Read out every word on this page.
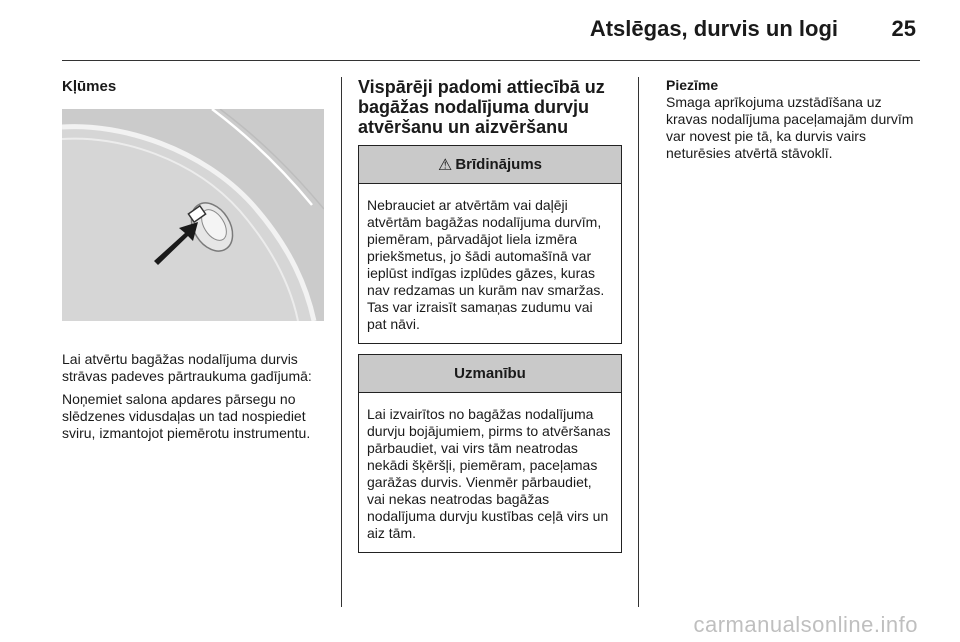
Atslēgas, durvis un logi 25
Kļūmes

Lai atvērtu bagāžas nodalījuma durvis strāvas padeves pārtraukuma gadījumā:

Noņemiet salona apdares pārsegu no slēdzenes vidusdaļas un tad nospiediet sviru, izmantojot piemērotu instrumentu.

Vispārēji padomi attiecībā uz bagāžas nodalījuma durvju atvēršanu un aizvēršanu
⚠ Brīdinājums
Nebrauciet ar atvērtām vai daļēji atvērtām bagāžas nodalījuma durvīm, piemēram, pārvadājot liela izmēra priekšmetus, jo šādi automašīnā var ieplūst indīgas izplūdes gāzes, kuras nav redzamas un kurām nav smaržas. Tas var izraisīt samaņas zudumu vai pat nāvi.
Uzmanību
Lai izvairītos no bagāžas nodalījuma durvju bojājumiem, pirms to atvēršanas pārbaudiet, vai virs tām neatrodas nekādi šķēršļi, piemēram, paceļamas garāžas durvis. Vienmēr pārbaudiet, vai nekas neatrodas bagāžas nodalījuma durvju kustības ceļā virs un aiz tām.
Piezīme

Smaga aprīkojuma uzstādīšana uz kravas nodalījuma paceļamajām durvīm var novest pie tā, ka durvis vairs neturēsies atvērtā stāvoklī.

carmanualsonline.info
